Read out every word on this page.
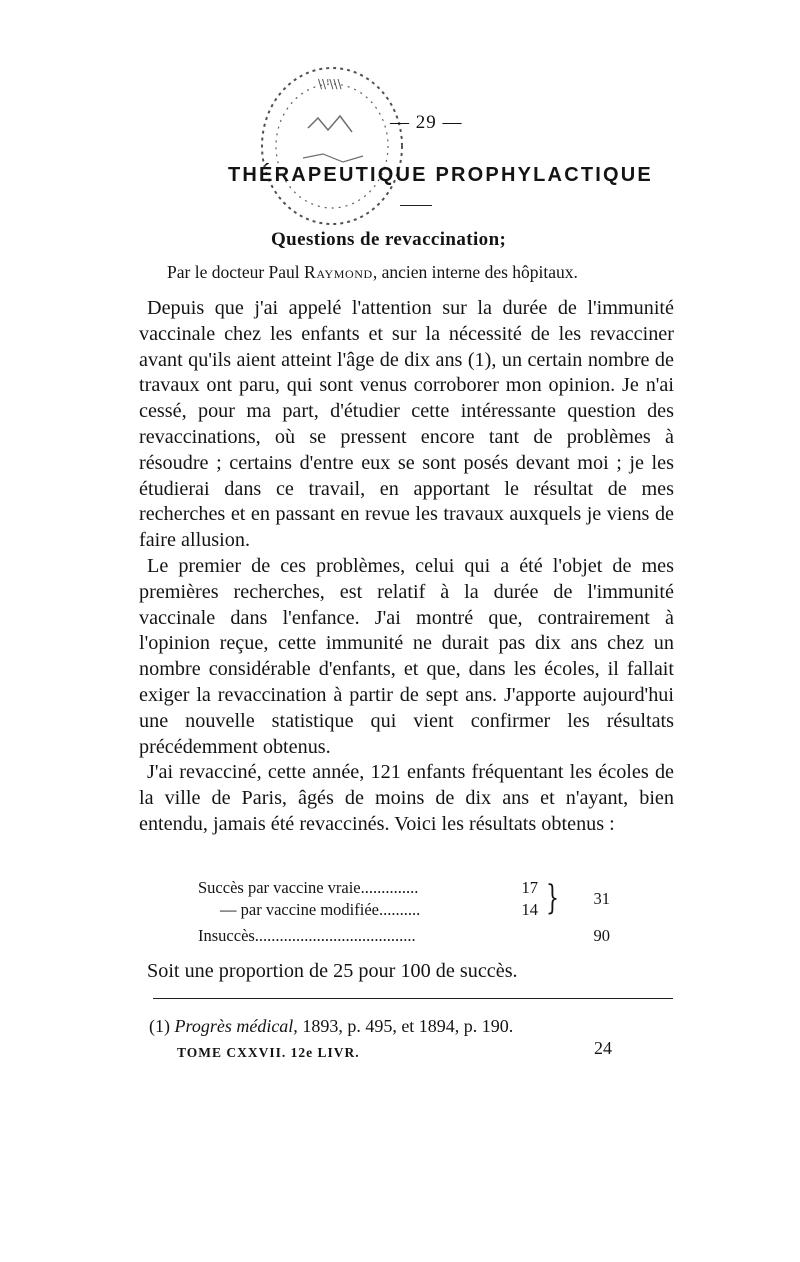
\\'\\\
— 29 —
THÉRAPEUTIQUE PROPHYLACTIQUE
Questions de revaccination;
Par le docteur Paul Raymond, ancien interne des hôpitaux.

Depuis que j'ai appelé l'attention sur la durée de l'immunité vaccinale chez les enfants et sur la nécessité de les revacciner avant qu'ils aient atteint l'âge de dix ans (1), un certain nombre de travaux ont paru, qui sont venus corroborer mon opinion. Je n'ai cessé, pour ma part, d'étudier cette intéressante question des revaccinations, où se pressent encore tant de problèmes à résoudre ; certains d'entre eux se sont posés devant moi ; je les étudierai dans ce travail, en apportant le résultat de mes recherches et en passant en revue les travaux auxquels je viens de faire allusion.

Le premier de ces problèmes, celui qui a été l'objet de mes premières recherches, est relatif à la durée de l'immunité vaccinale dans l'enfance. J'ai montré que, contrairement à l'opinion reçue, cette immunité ne durait pas dix ans chez un nombre considérable d'enfants, et que, dans les écoles, il fallait exiger la revaccination à partir de sept ans. J'apporte aujourd'hui une nouvelle statistique qui vient confirmer les résultats précédemment obtenus.

J'ai revacciné, cette année, 121 enfants fréquentant les écoles de la ville de Paris, âgés de moins de dix ans et n'ayant, bien entendu, jamais été revaccinés. Voici les résultats obtenus :

Succès par vaccine vraie..............	17
— par vaccine modifiée..........	14 }	31
Insuccès.......................................	90
Soit une proportion de 25 pour 100 de succès.
(1) Progrès médical, 1893, p. 495, et 1894, p. 190.
TOME CXXVII. 12e LIVR.	24
